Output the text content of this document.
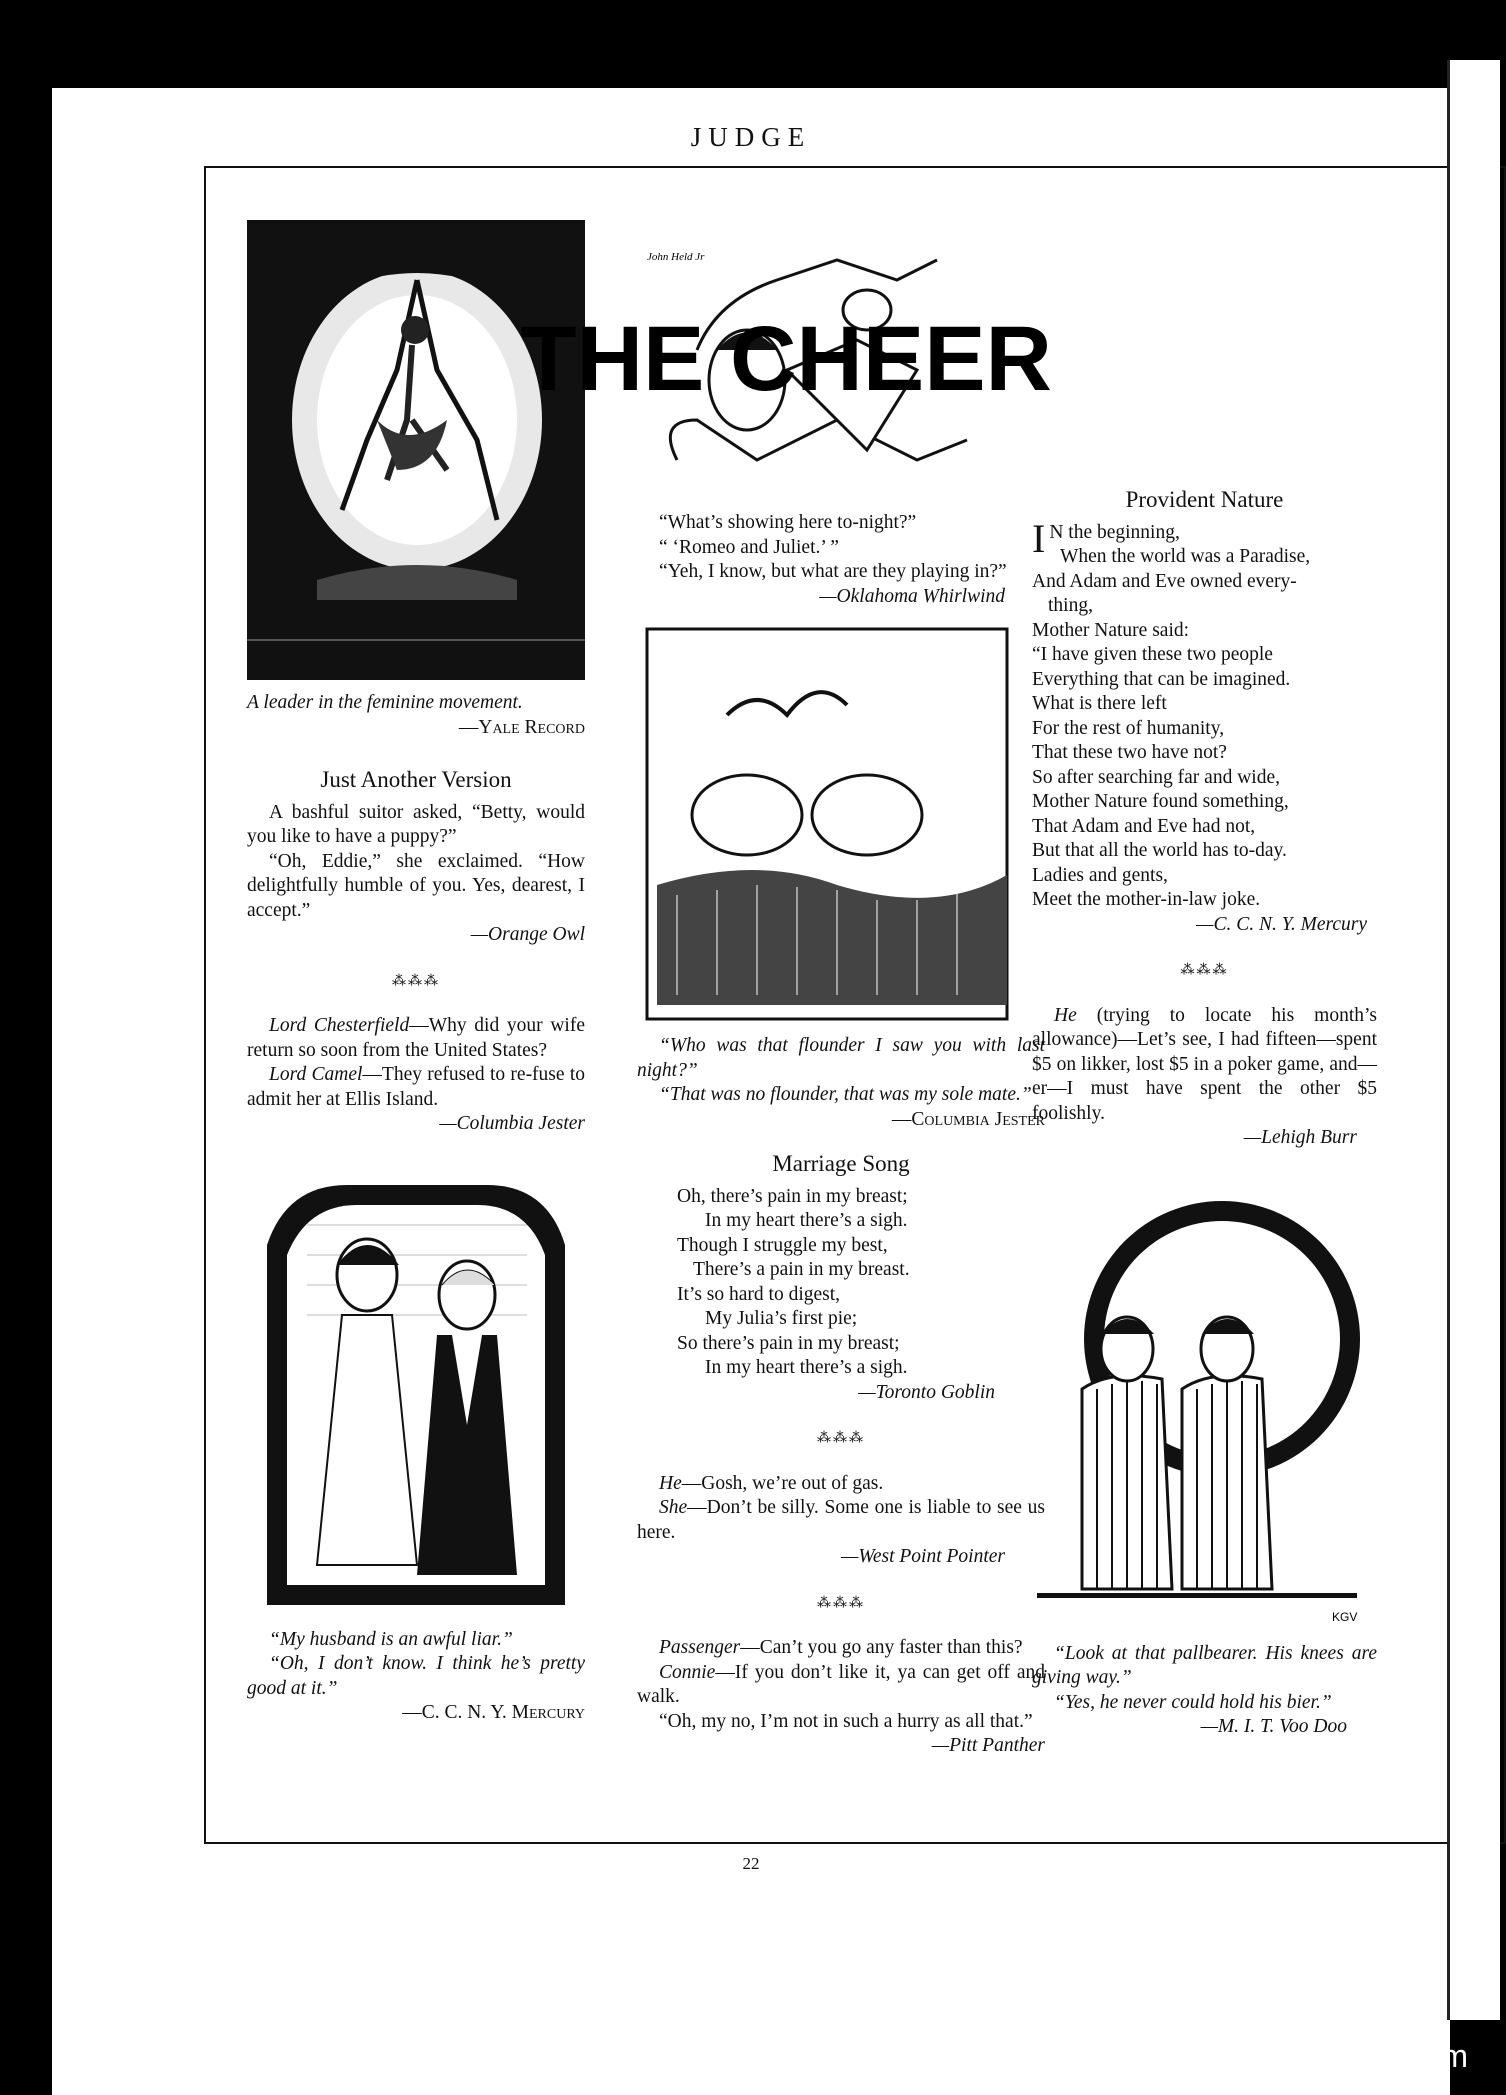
JUDGE

A leader in the feminine movement.

—Yale Record

Just Another Version

A bashful suitor asked, “Betty, would you like to have a puppy?”

“Oh, Eddie,” she exclaimed. “How delightfully humble of you. Yes, dearest, I accept.”

—Orange Owl

⁂⁂⁂

Lord Chesterfield—Why did your wife return so soon from the United States?

Lord Camel—They refused to re-fuse to admit her at Ellis Island.

—Columbia Jester

“My husband is an awful liar.”

“Oh, I don’t know. I think he’s pretty good at it.”

—C. C. N. Y. Mercury

John Held Jr
THE CHEER

“What’s showing here to-night?”

“ ‘Romeo and Juliet.’ ”

“Yeh, I know, but what are they playing in?”

—Oklahoma Whirlwind

“Who was that flounder I saw you with last night?”

“That was no flounder, that was my sole mate.”

—Columbia Jester

Marriage Song

Oh, there’s pain in my breast;

In my heart there’s a sigh.

Though I struggle my best,

There’s a pain in my breast.

It’s so hard to digest,

My Julia’s first pie;

So there’s pain in my breast;

In my heart there’s a sigh.

—Toronto Goblin

⁂⁂⁂

He—Gosh, we’re out of gas.

She—Don’t be silly. Some one is liable to see us here.

—West Point Pointer

⁂⁂⁂

Passenger—Can’t you go any faster than this?

Connie—If you don’t like it, ya can get off and walk.

“Oh, my no, I’m not in such a hurry as all that.”

—Pitt Panther

Provident Nature

I N the beginning,

When the world was a Paradise,

And Adam and Eve owned every-

thing,

Mother Nature said:

“I have given these two people

Everything that can be imagined.

What is there left

For the rest of humanity,

That these two have not?

So after searching far and wide,

Mother Nature found something,

That Adam and Eve had not,

But that all the world has to-day.

Ladies and gents,

Meet the mother-in-law joke.

—C. C. N. Y. Mercury

⁂⁂⁂

He (trying to locate his month’s allowance)—Let’s see, I had fifteen—spent $5 on likker, lost $5 in a poker game, and—er—I must have spent the other $5 foolishly.

—Lehigh Burr

KGV

“Look at that pallbearer. His knees are giving way.”

“Yes, he never could hold his bier.”

—M. I. T. Voo Doo

22
comicbooks.com
